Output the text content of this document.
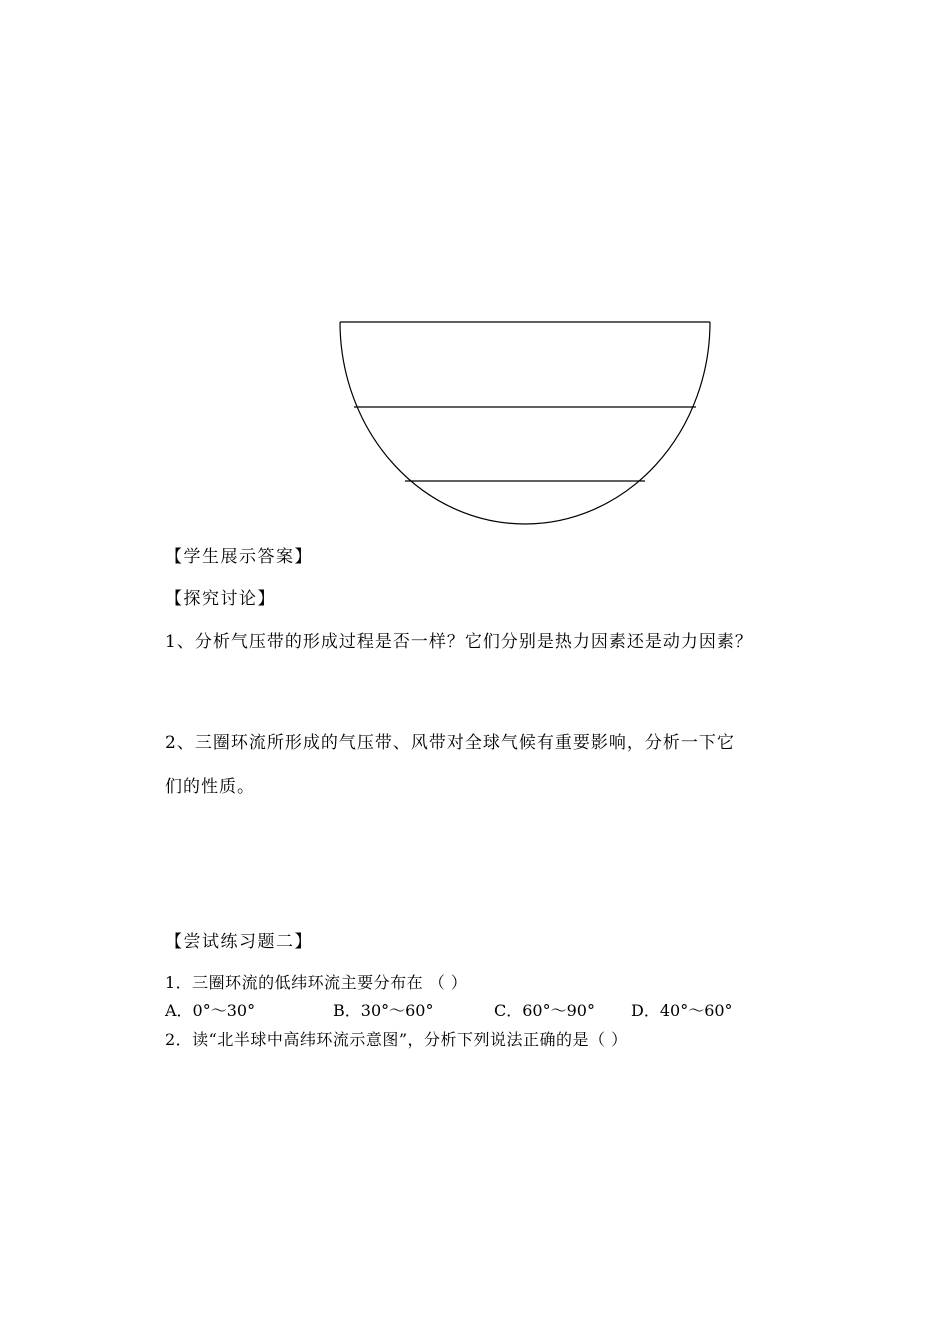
【学生展示答案】
【探究讨论】
1、分析气压带的形成过程是否一样？它们分别是热力因素还是动力因素？
2、三圈环流所形成的气压带、风带对全球气候有重要影响，分析一下它
们的性质。
【尝试练习题二】
1．三圈环流的低纬环流主要分布在 （ ）
A．0°～30°	B．30°～60°	C．60°～90° D．40°～60°
2．读“北半球中高纬环流示意图”，分析下列说法正确的是（ ）
